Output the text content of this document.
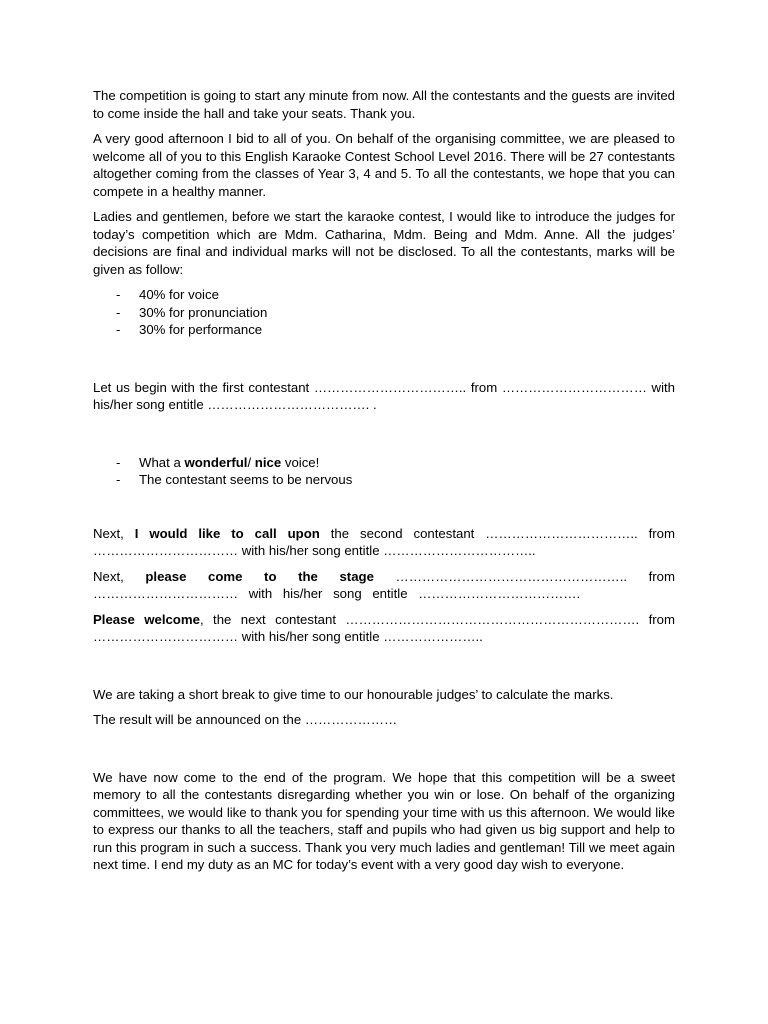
The competition is going to start any minute from now. All the contestants and the guests are invited to come inside the hall and take your seats. Thank you.

A very good afternoon I bid to all of you. On behalf of the organising committee, we are pleased to welcome all of you to this English Karaoke Contest School Level 2016. There will be 27 contestants altogether coming from the classes of Year 3, 4 and 5. To all the contestants, we hope that you can compete in a healthy manner.

Ladies and gentlemen, before we start the karaoke contest, I would like to introduce the judges for today’s competition which are Mdm. Catharina, Mdm. Being and Mdm. Anne. All the judges’ decisions are final and individual marks will not be disclosed. To all the contestants, marks will be given as follow:

- 40% for voice
- 30% for pronunciation
- 30% for performance

Let us begin with the first contestant …………………………….. from …………………………… with his/her song entitle ………………………………. .

- What a wonderful/ nice voice!
- The contestant seems to be nervous

Next, I would like to call upon the second contestant …………………………….. from …………………………… with his/her song entitle ……………………………..

Next, please come to the stage …………………………………………….. from …………………………… with his/her song entitle ……………………………….

Please welcome, the next contestant …………………………………………………………. from …………………………… with his/her song entitle …………………..

We are taking a short break to give time to our honourable judges’ to calculate the marks.

The result will be announced on the …………………

We have now come to the end of the program. We hope that this competition will be a sweet memory to all the contestants disregarding whether you win or lose. On behalf of the organizing committees, we would like to thank you for spending your time with us this afternoon. We would like to express our thanks to all the teachers, staff and pupils who had given us big support and help to run this program in such a success. Thank you very much ladies and gentleman! Till we meet again next time. I end my duty as an MC for today’s event with a very good day wish to everyone.
